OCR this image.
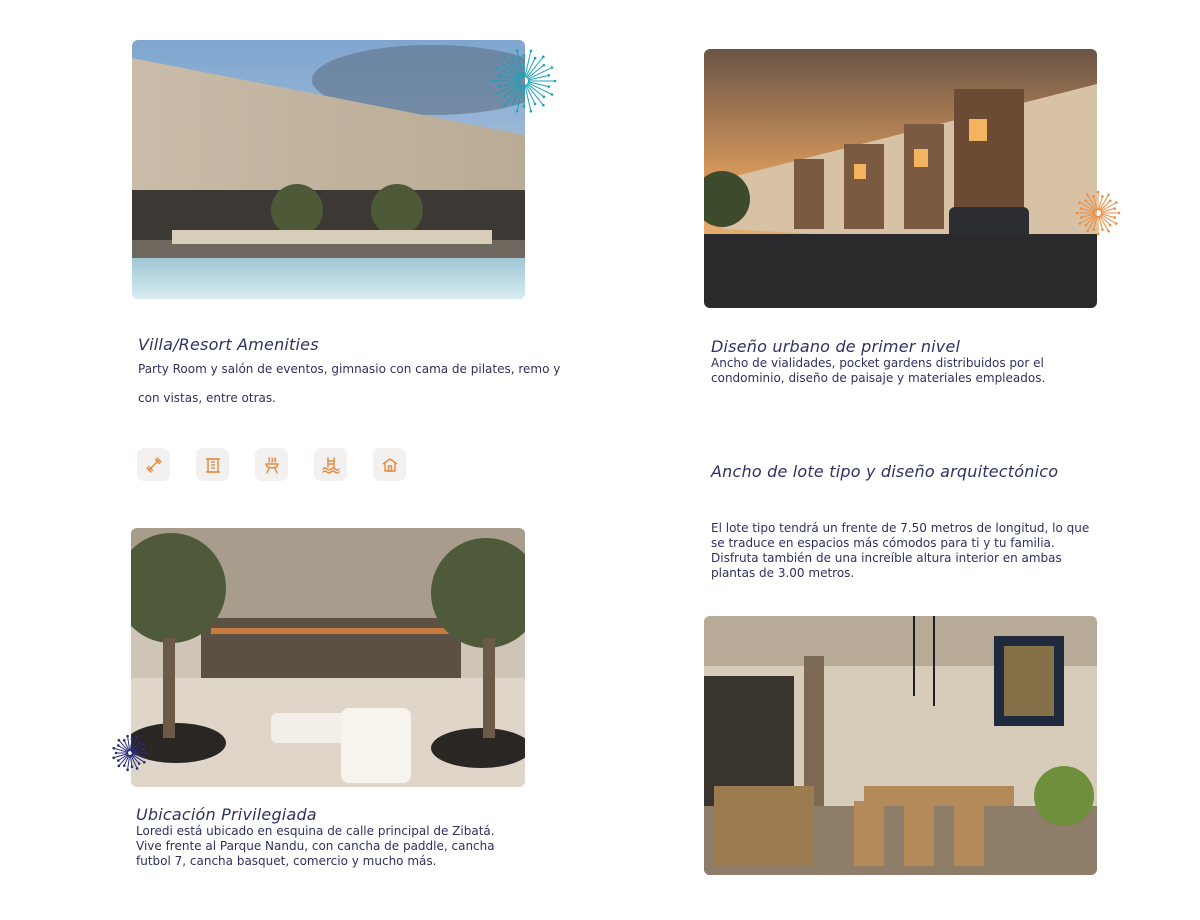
Villa/Resort Amenities
Party Room y salón de eventos, gimnasio con cama de pilates, remo y
con vistas, entre otras.
Diseño urbano de primer nivel
Ancho de vialidades, pocket gardens distribuidos por el condominio, diseño de paisaje y materiales empleados.
Ancho de lote tipo y diseño arquitectónico
El lote tipo tendrá un frente de 7.50 metros de longitud, lo que se traduce en espacios más cómodos para ti y tu familia. Disfruta también de una increíble altura interior en ambas plantas de 3.00 metros.
Ubicación Privilegiada
Loredi está ubicado en esquina de calle principal de Zibatá. Vive frente al Parque Nandu, con cancha de paddle, cancha futbol 7, cancha basquet, comercio y mucho más.
